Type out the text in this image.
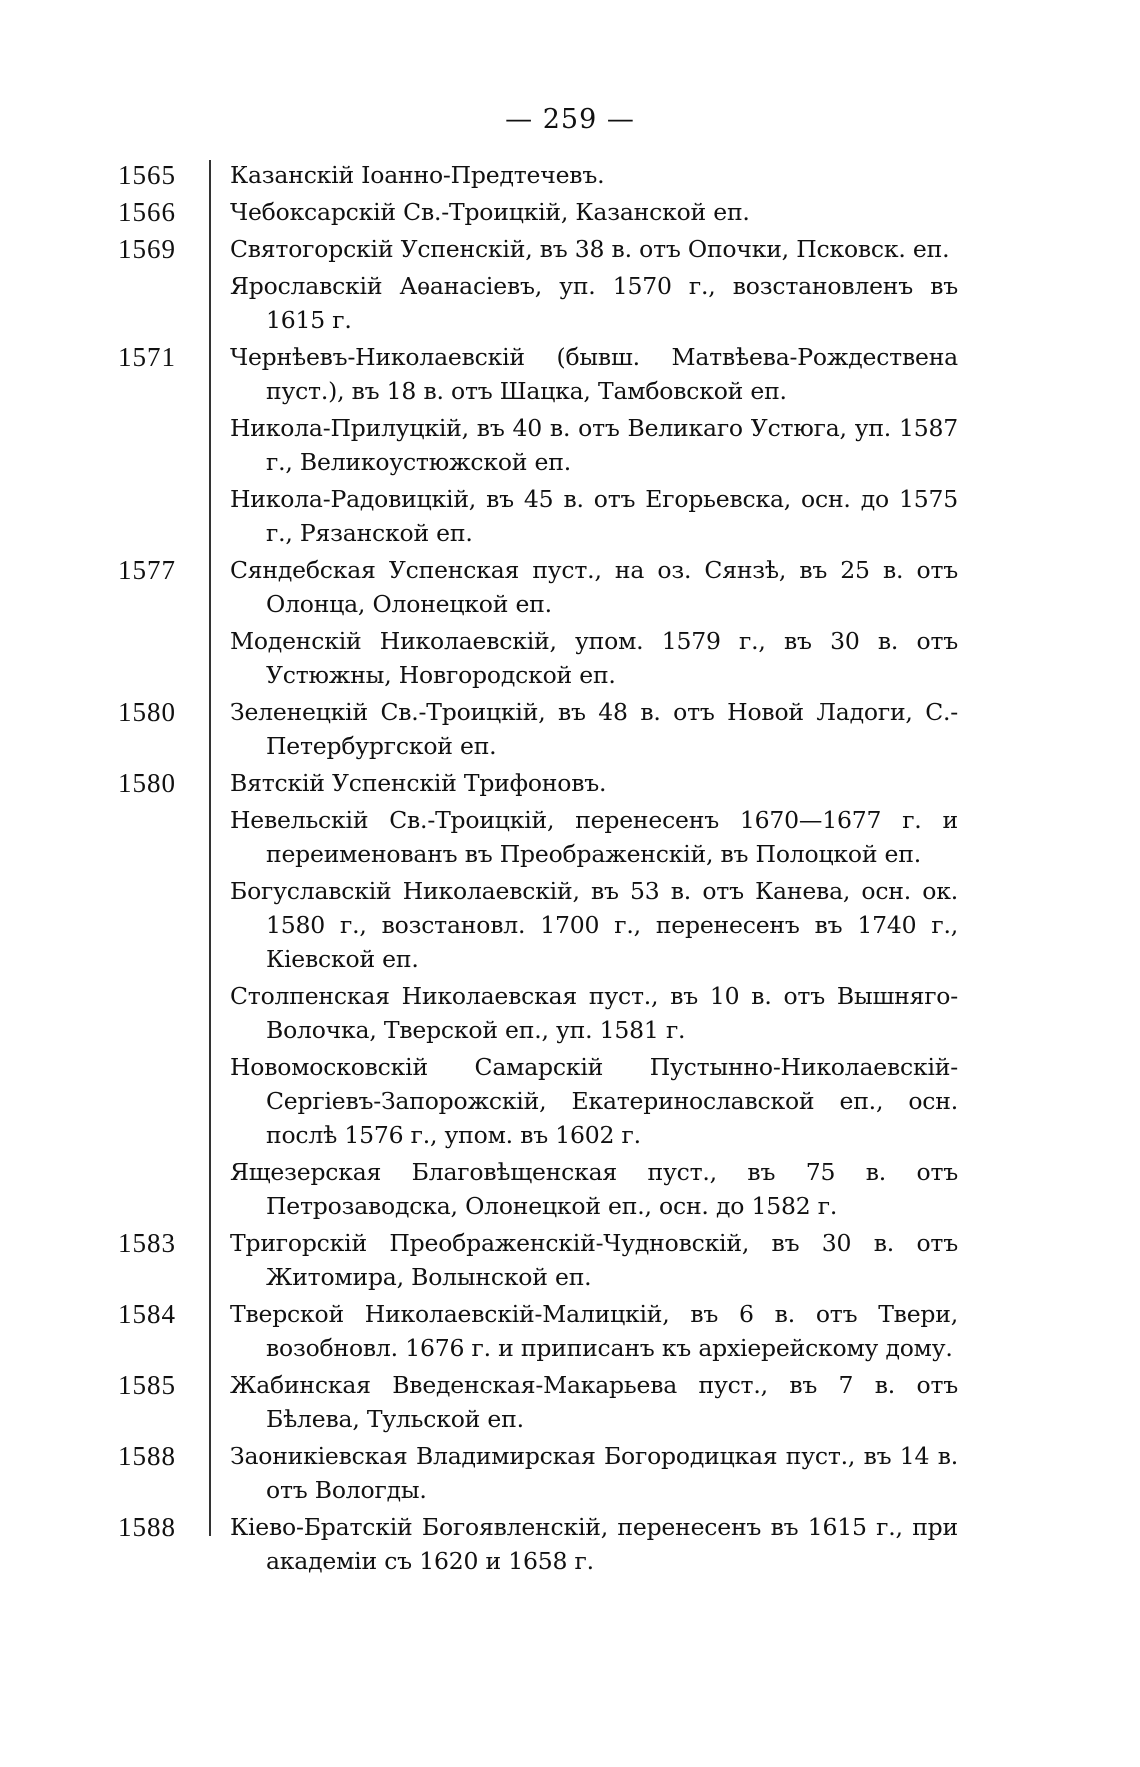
— 259 —
1565	Казанскій Іоанно-Предтечевъ.
1566	Чебоксарскій Св.-Троицкій, Казанской еп.
1569	Святогорскій Успенскій, въ 38 в. отъ Опочки, Псковск. еп.
Ярославскій Аѳанасіевъ, уп. 1570 г., возстановленъ въ 1615 г.
1571	Чернѣевъ-Николаевскій (бывш. Матвѣева-Рождествена пуст.), въ 18 в. отъ Шацка, Тамбовской еп.
Никола-Прилуцкій, въ 40 в. отъ Великаго Устюга, уп. 1587 г., Великоустюжской еп.
Никола-Радовицкій, въ 45 в. отъ Егорьевска, осн. до 1575 г., Рязанской еп.
1577	Сяндебская Успенская пуст., на оз. Сянзѣ, въ 25 в. отъ Олонца, Олонецкой еп.
Моденскій Николаевскій, упом. 1579 г., въ 30 в. отъ Устюжны, Новгородской еп.
1580	Зеленецкій Св.-Троицкій, въ 48 в. отъ Новой Ладоги, С.-Петербургской еп.
1580	Вятскій Успенскій Трифоновъ.
Невельскій Св.-Троицкій, перенесенъ 1670—1677 г. и переименованъ въ Преображенскій, въ Полоцкой еп.
Богуславскій Николаевскій, въ 53 в. отъ Канева, осн. ок. 1580 г., возстановл. 1700 г., перенесенъ въ 1740 г., Кіевской еп.
Столпенская Николаевская пуст., въ 10 в. отъ Вышняго-Волочка, Тверской еп., уп. 1581 г.
Новомосковскій Самарскій Пустынно-Николаевскій-Сергіевъ-Запорожскій, Екатеринославской еп., осн. послѣ 1576 г., упом. въ 1602 г.
Ящезерская Благовѣщенская пуст., въ 75 в. отъ Петрозаводска, Олонецкой еп., осн. до 1582 г.
1583	Тригорскій Преображенскій-Чудновскій, въ 30 в. отъ Житомира, Волынской еп.
1584	Тверской Николаевскій-Малицкій, въ 6 в. отъ Твери, возобновл. 1676 г. и приписанъ къ архіерейскому дому.
1585	Жабинская Введенская-Макарьева пуст., въ 7 в. отъ Бѣлева, Тульской еп.
1588	Заоникіевская Владимирская Богородицкая пуст., въ 14 в. отъ Вологды.
1588	Кіево-Братскій Богоявленскій, перенесенъ въ 1615 г., при академіи съ 1620 и 1658 г.
